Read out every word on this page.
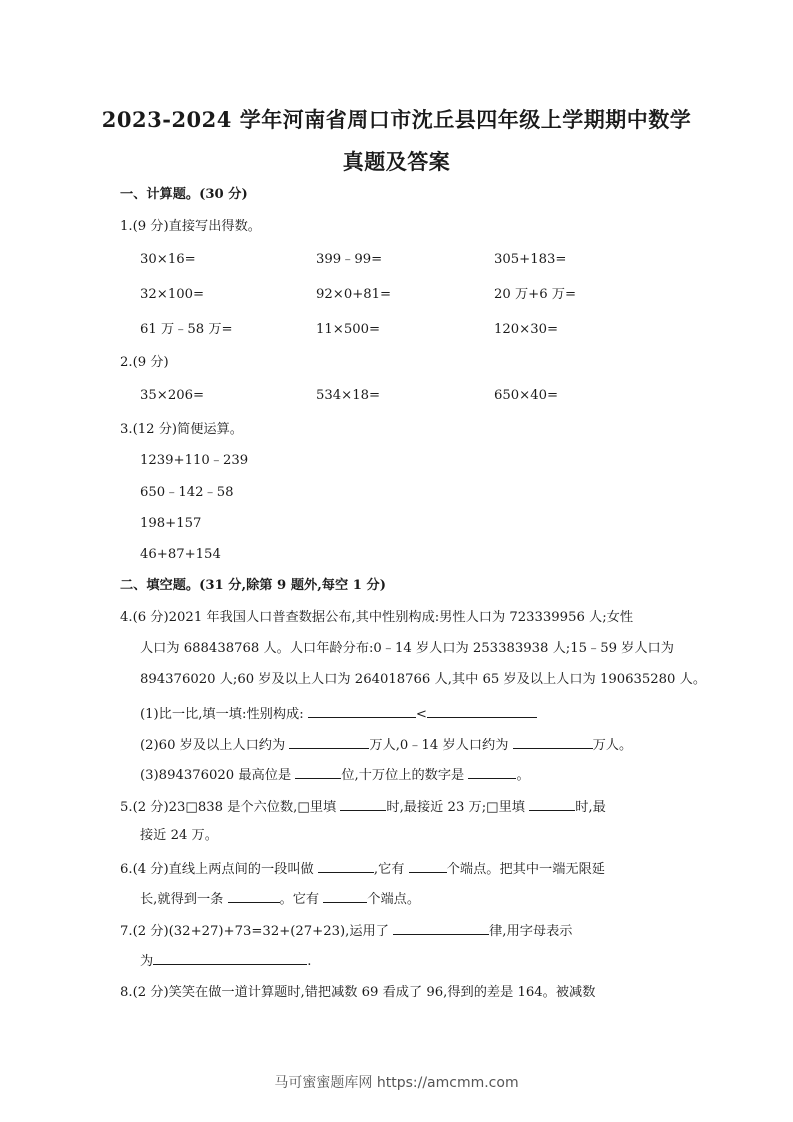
2023-2024 学年河南省周口市沈丘县四年级上学期期中数学
真题及答案
一、计算题。(30 分)
1.(9 分)直接写出得数。
30×16=	399﹣99=	305+183=
32×100=	92×0+81=	20 万+6 万=
61 万﹣58 万=	11×500=	120×30=
2.(9 分)
35×206=	534×18=	650×40=
3.(12 分)简便运算。
1239+110﹣239
650﹣142﹣58
198+157
46+87+154
二、填空题。(31 分,除第 9 题外,每空 1 分)
4.(6 分)2021 年我国人口普查数据公布,其中性别构成:男性人口为 723339956 人;女性
人口为 688438768 人。人口年龄分布:0﹣14 岁人口为 253383938 人;15﹣59 岁人口为
894376020 人;60 岁及以上人口为 264018766 人,其中 65 岁及以上人口为 190635280 人。
(1)比一比,填一填:性别构成:	<
(2)60 岁及以上人口约为	万人,0﹣14 岁人口约为	万人。
(3)894376020 最高位是	位,十万位上的数字是	。
5.(2 分)23□838 是个六位数,□里填	时,最接近 23 万;□里填	时,最
接近 24 万。
6.(4 分)直线上两点间的一段叫做	,它有	个端点。把其中一端无限延
长,就得到一条	。它有	个端点。
7.(2 分)(32+27)+73=32+(27+23),运用了	律,用字母表示
为	.
8.(2 分)笑笑在做一道计算题时,错把减数 69 看成了 96,得到的差是 164。被减数
马可蜜蜜题库网 https://amcmm.com
